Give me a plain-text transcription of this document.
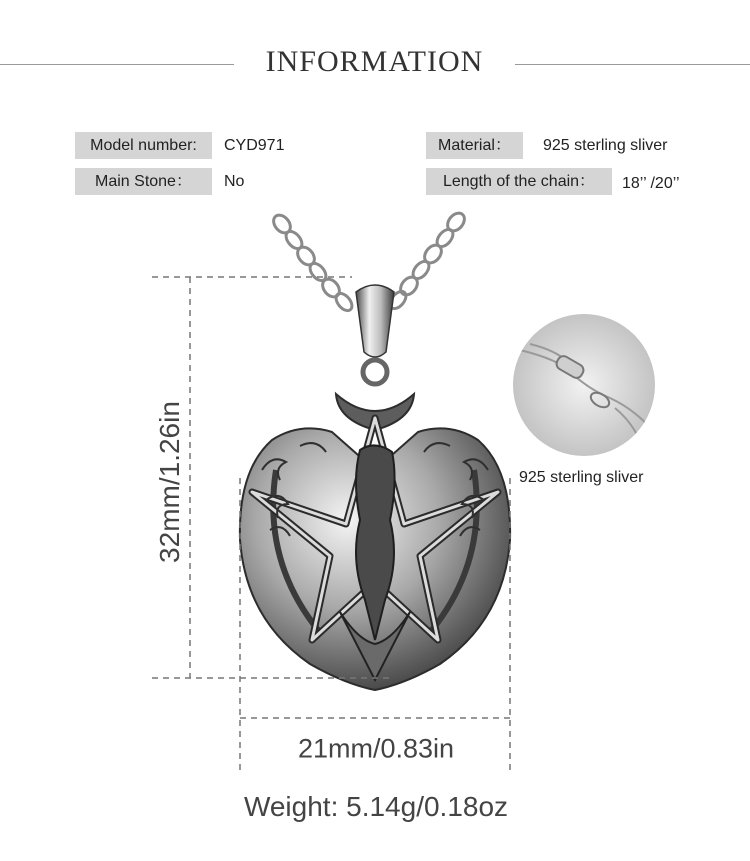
INFORMATION
Model number:	CYD971	Material：	925 sterling sliver
Main Stone：	No	Length of the chain：	18’’ /20’’
32mm/1.26in
21mm/0.83in
925 sterling sliver
Weight: 5.14g/0.18oz
